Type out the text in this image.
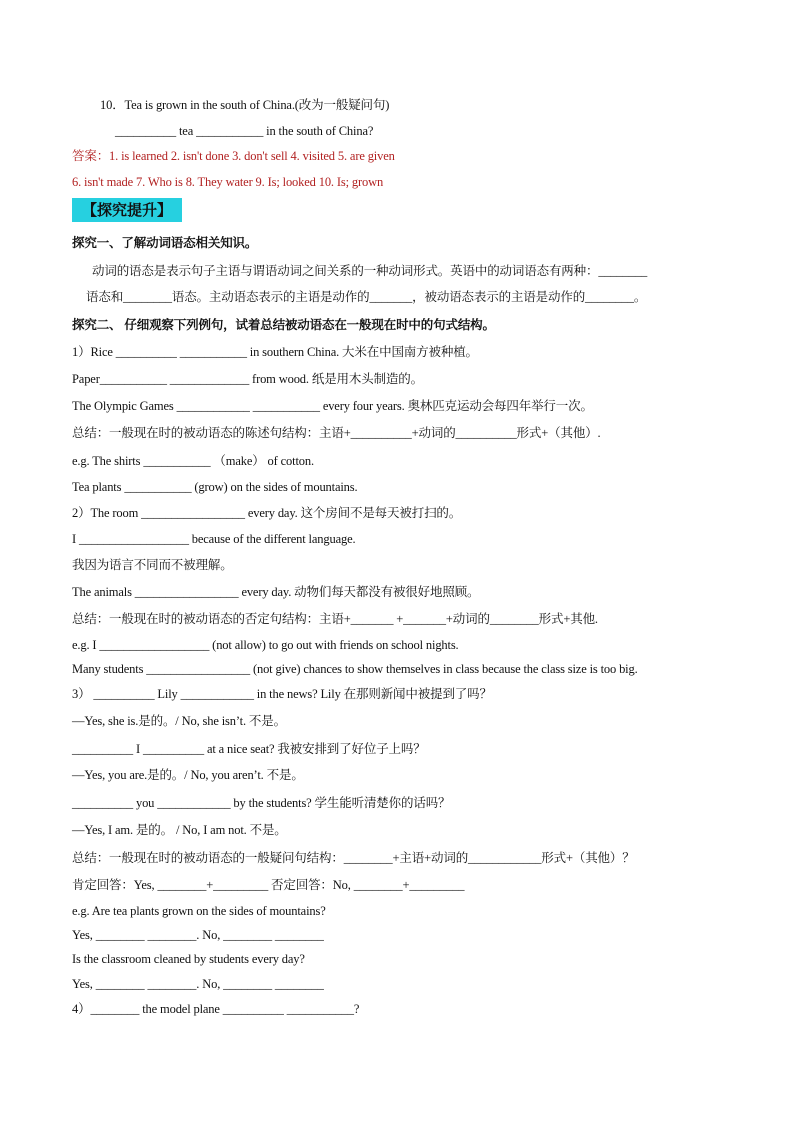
10．Tea is grown in the south of China.(改为一般疑问句)
__________ tea ___________ in the south of China?
答案：1. is learned 2. isn't done 3. don't sell 4. visited 5. are given
6. isn't made 7. Who is 8. They water 9. Is; looked 10. Is; grown
【探究提升】
探究一、了解动词语态相关知识。
动词的语态是表示句子主语与谓语动词之间关系的一种动词形式。英语中的动词语态有两种：________
语态和________语态。主动语态表示的主语是动作的_______，被动语态表示的主语是动作的________。
探究二、 仔细观察下列例句，试着总结被动语态在一般现在时中的句式结构。
1）Rice __________ ___________ in southern China. 大米在中国南方被种植。
Paper___________ _____________ from wood. 纸是用木头制造的。
The Olympic Games ____________ ___________ every four years. 奥林匹克运动会每四年举行一次。
总结：一般现在时的被动语态的陈述句结构：主语+__________+动词的__________形式+（其他）.
e.g. The shirts ___________ （make） of cotton.
Tea plants ___________ (grow) on the sides of mountains.
2）The room _________________ every day. 这个房间不是每天被打扫的。
I __________________ because of the different language.
我因为语言不同而不被理解。
The animals _________________ every day. 动物们每天都没有被很好地照顾。
总结：一般现在时的被动语态的否定句结构：主语+_______ +_______+动词的________形式+其他.
e.g. I __________________ (not allow) to go out with friends on school nights.
Many students _________________ (not give) chances to show themselves in class because the class size is too big.
3） __________ Lily ____________ in the news? Lily 在那则新闻中被提到了吗？
—Yes, she is.是的。/ No, she isn’t. 不是。
__________ I __________ at a nice seat? 我被安排到了好位子上吗？
—Yes, you are.是的。/ No, you aren’t. 不是。
__________ you ____________ by the students? 学生能听清楚你的话吗？
—Yes, I am. 是的。 / No, I am not. 不是。
总结：一般现在时的被动语态的一般疑问句结构：________+主语+动词的____________形式+（其他）？
肯定回答：Yes, ________+_________ 否定回答：No, ________+_________
e.g. Are tea plants grown on the sides of mountains?
Yes, ________ ________. No, ________ ________
Is the classroom cleaned by students every day?
Yes, ________ ________. No, ________ ________
4）________ the model plane __________ ___________?
